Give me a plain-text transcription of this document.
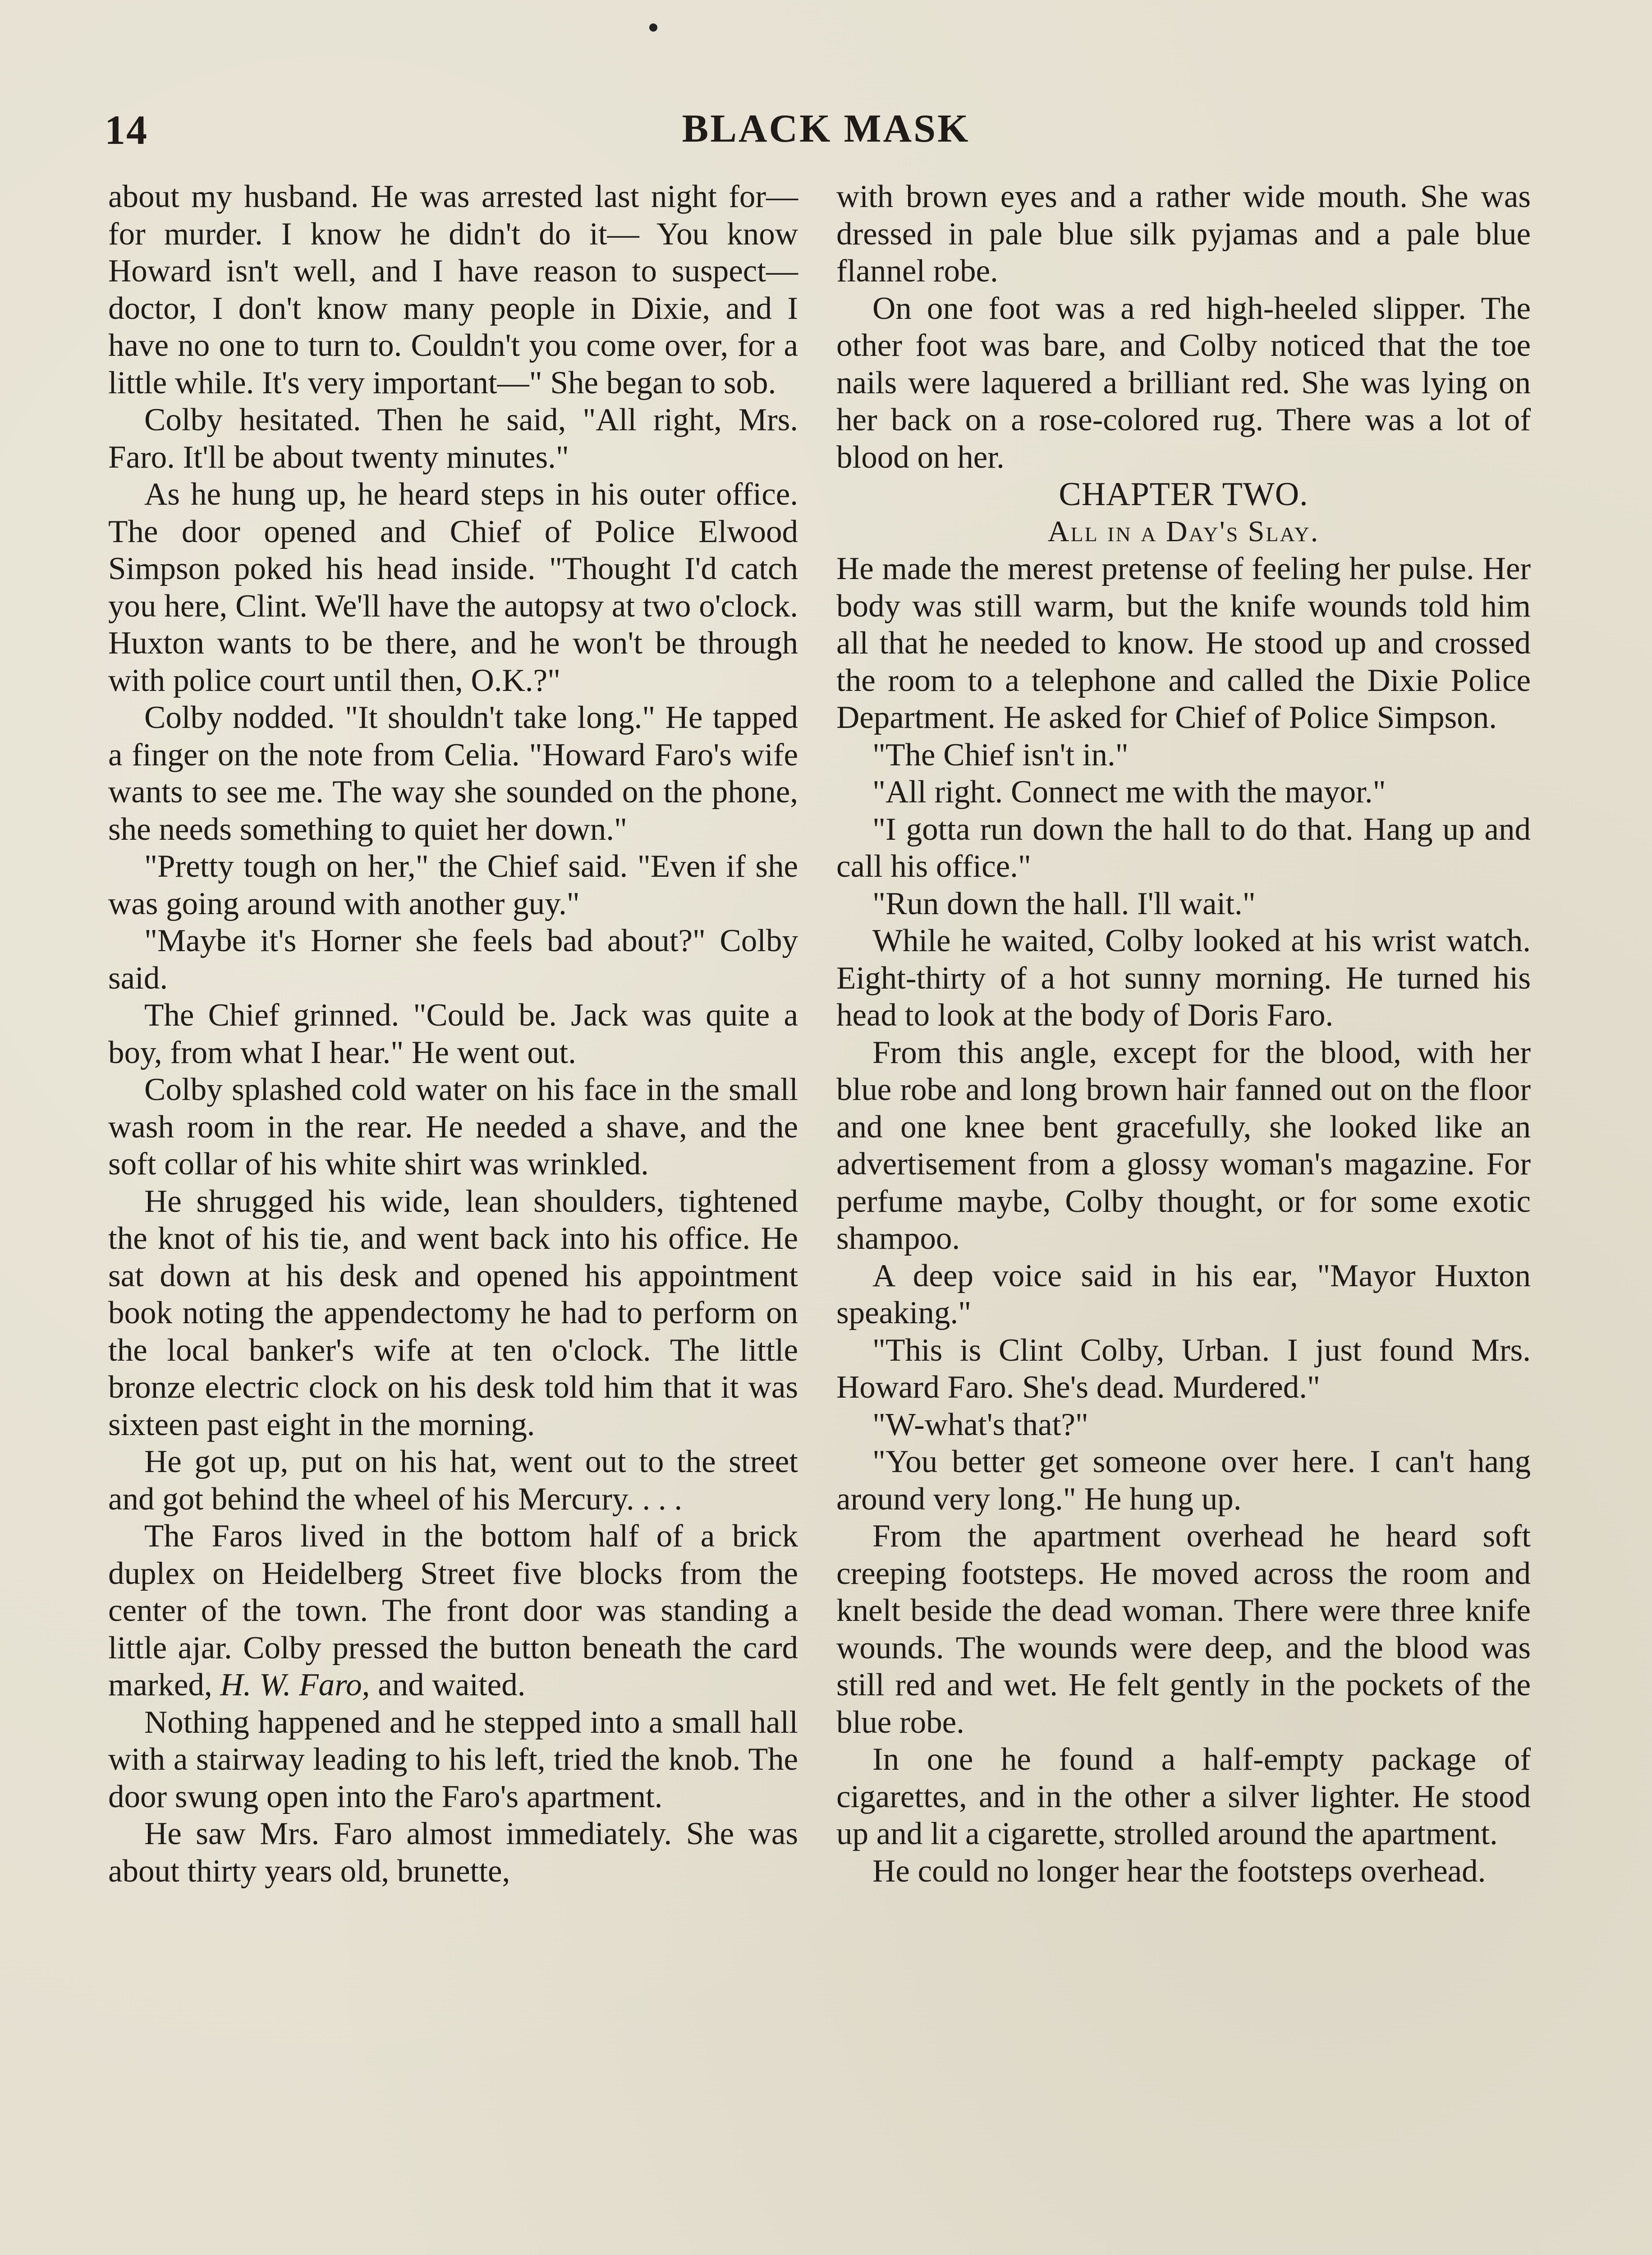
14	BLACK MASK

about my husband. He was arrested last night for—for murder. I know he didn't do it— You know Howard isn't well, and I have reason to suspect—doctor, I don't know many people in Dixie, and I have no one to turn to. Couldn't you come over, for a little while. It's very important—" She began to sob.

Colby hesitated. Then he said, "All right, Mrs. Faro. It'll be about twenty minutes."

As he hung up, he heard steps in his outer office. The door opened and Chief of Police Elwood Simpson poked his head inside. "Thought I'd catch you here, Clint. We'll have the autopsy at two o'clock. Huxton wants to be there, and he won't be through with police court until then, O.K.?"

Colby nodded. "It shouldn't take long." He tapped a finger on the note from Celia. "Howard Faro's wife wants to see me. The way she sounded on the phone, she needs something to quiet her down."

"Pretty tough on her," the Chief said. "Even if she was going around with another guy."

"Maybe it's Horner she feels bad about?" Colby said.

The Chief grinned. "Could be. Jack was quite a boy, from what I hear." He went out.

Colby splashed cold water on his face in the small wash room in the rear. He needed a shave, and the soft collar of his white shirt was wrinkled.

He shrugged his wide, lean shoulders, tightened the knot of his tie, and went back into his office. He sat down at his desk and opened his appointment book noting the appendectomy he had to perform on the local banker's wife at ten o'clock. The little bronze electric clock on his desk told him that it was sixteen past eight in the morning.

He got up, put on his hat, went out to the street and got behind the wheel of his Mercury. . . .

The Faros lived in the bottom half of a brick duplex on Heidelberg Street five blocks from the center of the town. The front door was standing a little ajar. Colby pressed the button beneath the card marked, H. W. Faro, and waited.

Nothing happened and he stepped into a small hall with a stairway leading to his left, tried the knob. The door swung open into the Faro's apartment.

He saw Mrs. Faro almost immediately. She was about thirty years old, brunette,

with brown eyes and a rather wide mouth. She was dressed in pale blue silk pyjamas and a pale blue flannel robe.

On one foot was a red high-heeled slipper. The other foot was bare, and Colby noticed that the toe nails were laquered a brilliant red. She was lying on her back on a rose-colored rug. There was a lot of blood on her.

CHAPTER TWO.

All in a Day's Slay.

He made the merest pretense of feeling her pulse. Her body was still warm, but the knife wounds told him all that he needed to know. He stood up and crossed the room to a telephone and called the Dixie Police Department. He asked for Chief of Police Simpson.

"The Chief isn't in."

"All right. Connect me with the mayor."

"I gotta run down the hall to do that. Hang up and call his office."

"Run down the hall. I'll wait."

While he waited, Colby looked at his wrist watch. Eight-thirty of a hot sunny morning. He turned his head to look at the body of Doris Faro.

From this angle, except for the blood, with her blue robe and long brown hair fanned out on the floor and one knee bent gracefully, she looked like an advertisement from a glossy woman's magazine. For perfume maybe, Colby thought, or for some exotic shampoo.

A deep voice said in his ear, "Mayor Huxton speaking."

"This is Clint Colby, Urban. I just found Mrs. Howard Faro. She's dead. Murdered."

"W-what's that?"

"You better get someone over here. I can't hang around very long." He hung up.

From the apartment overhead he heard soft creeping footsteps. He moved across the room and knelt beside the dead woman. There were three knife wounds. The wounds were deep, and the blood was still red and wet. He felt gently in the pockets of the blue robe.

In one he found a half-empty package of cigarettes, and in the other a silver lighter. He stood up and lit a cigarette, strolled around the apartment.

He could no longer hear the footsteps overhead.
